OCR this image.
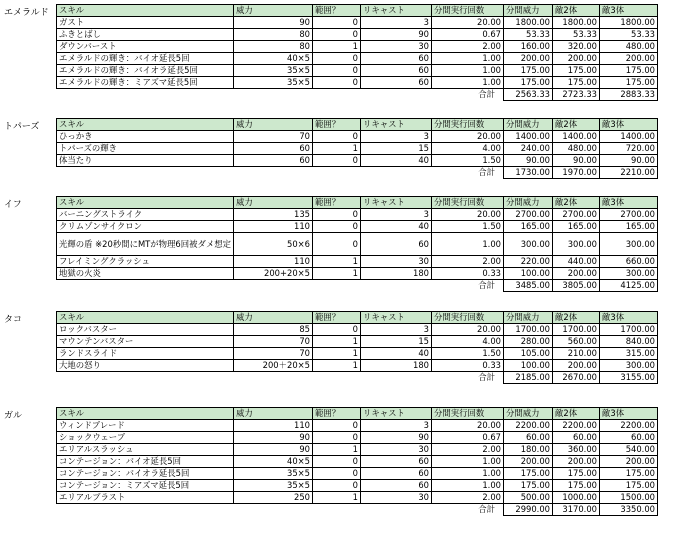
エメラルド スキル	威力	範囲？	リキャスト	分間実行回数	分間威力	敵2体	敵3体
ガスト	90	0	3	20.00	1800.00	1800.00	1800.00
ふきとばし	80	0	90	0.67	53.33	53.33	53.33
ダウンバースト	80	1	30	2.00	160.00	320.00	480.00
エメラルドの輝き：バイオ延長5回	40×5	0	60	1.00	200.00	200.00	200.00
エメラルドの輝き：バイオラ延長5回	35×5	0	60	1.00	175.00	175.00	175.00
エメラルドの輝き：ミアズマ延長5回	35×5	0	60	1.00	175.00	175.00	175.00
				合計	2563.33	2723.33	2883.33
トパーズ スキル	威力	範囲？	リキャスト	分間実行回数	分間威力	敵2体	敵3体
ひっかき	70	0	3	20.00	1400.00	1400.00	1400.00
トパーズの輝き	60	1	15	4.00	240.00	480.00	720.00
体当たり	60	0	40	1.50	90.00	90.00	90.00
				合計	1730.00	1970.00	2210.00
イフ	スキル	威力	範囲？	リキャスト	分間実行回数	分間威力	敵2体	敵3体
バーニングストライク	135	0	3	20.00	2700.00	2700.00	2700.00
クリムゾンサイクロン	110	0	40	1.50	165.00	165.00	165.00
光輝の盾 ※20秒間にMTが物理6回被ダメ想定	50×6	0	60	1.00	300.00	300.00	300.00
フレイミングクラッシュ	110	1	30	2.00	220.00	440.00	660.00
地獄の火炎	200+20×5	1	180	0.33	100.00	200.00	300.00
				合計	3485.00	3805.00	4125.00
タコ	スキル	威力	範囲？	リキャスト	分間実行回数	分間威力	敵2体	敵3体
ロックバスター	85	0	3	20.00	1700.00	1700.00	1700.00
マウンテンバスター	70	1	15	4.00	280.00	560.00	840.00
ランドスライド	70	1	40	1.50	105.00	210.00	315.00
大地の怒り	200＋20×5	1	180	0.33	100.00	200.00	300.00
				合計	2185.00	2670.00	3155.00
ガル	スキル	威力	範囲？	リキャスト	分間実行回数	分間威力	敵2体	敵3体
ウィンドブレード	110	0	3	20.00	2200.00	2200.00	2200.00
ショックウェーブ	90	0	90	0.67	60.00	60.00	60.00
エリアルスラッシュ	90	1	30	2.00	180.00	360.00	540.00
コンテージョン：バイオ延長5回	40×5	0	60	1.00	200.00	200.00	200.00
コンテージョン：バイオラ延長5回	35×5	0	60	1.00	175.00	175.00	175.00
コンテージョン：ミアズマ延長5回	35×5	0	60	1.00	175.00	175.00	175.00
エリアルブラスト	250	1	30	2.00	500.00	1000.00	1500.00
				合計	2990.00	3170.00	3350.00
